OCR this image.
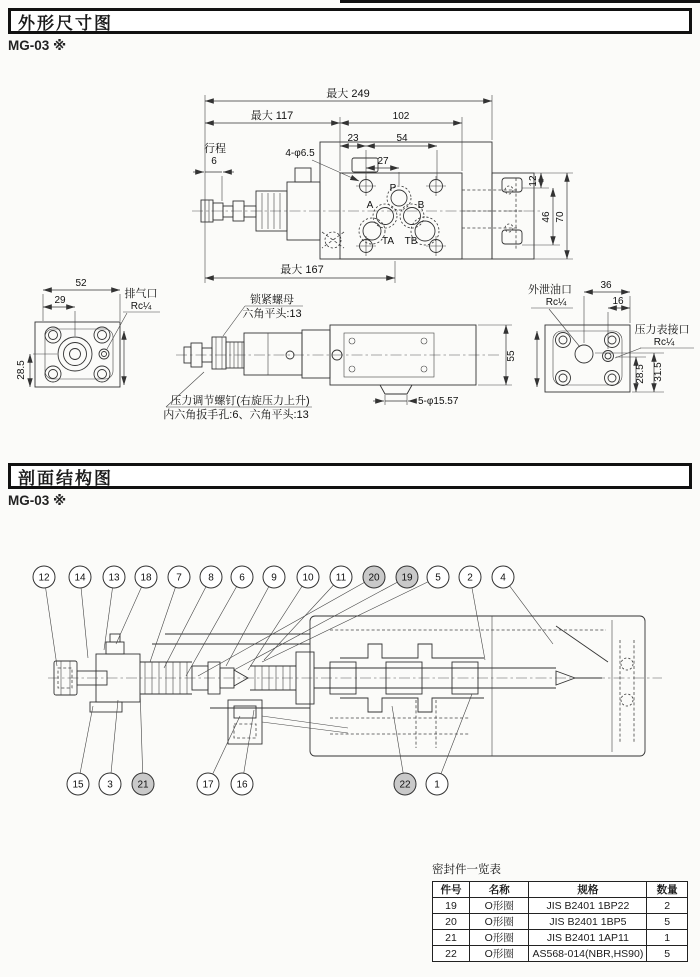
外形尺寸图
MG-03 ※
剖面结构图
MG-03 ※
P
A	B
TA TB
最大 249
最大 117	102
23	54
27
行程
6
4-φ6.5
最大 167
12
46 70
52
29
28.5
排气口
Rc¼
锁紧螺母
六角平头:13
压力调节螺钉(右旋压力上升)
内六角扳手孔:6、六角平头:13
5-φ15.57
55
36
16
外泄油口
Rc¼
压力表接口
Rc¼
28.5 31.5
12 14 13 18 7	8	6	9	10 11 20 19 5	2	4
15 3 21	17 16	22 1
密封件一览表
件号	名称	规格	数量
19	O形圈	JIS B2401 1BP22	2
20	O形圈	JIS B2401 1BP5	5
21	O形圈	JIS B2401 1AP11	1
22	O形圈	AS568-014(NBR,HS90)	5
